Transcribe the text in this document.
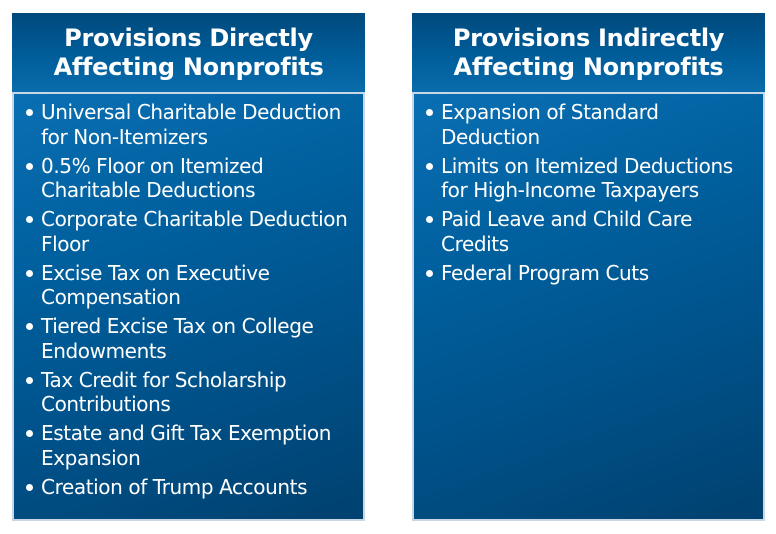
Provisions Directly
Affecting Nonprofits
Universal Charitable Deduction for Non-Itemizers
0.5% Floor on Itemized Charitable Deductions
Corporate Charitable Deduction Floor
Excise Tax on Executive Compensation
Tiered Excise Tax on College Endowments
Tax Credit for Scholarship Contributions
Estate and Gift Tax Exemption Expansion
Creation of Trump Accounts
Provisions Indirectly
Affecting Nonprofits
Expansion of Standard Deduction
Limits on Itemized Deductions for High-Income Taxpayers
Paid Leave and Child Care Credits
Federal Program Cuts
